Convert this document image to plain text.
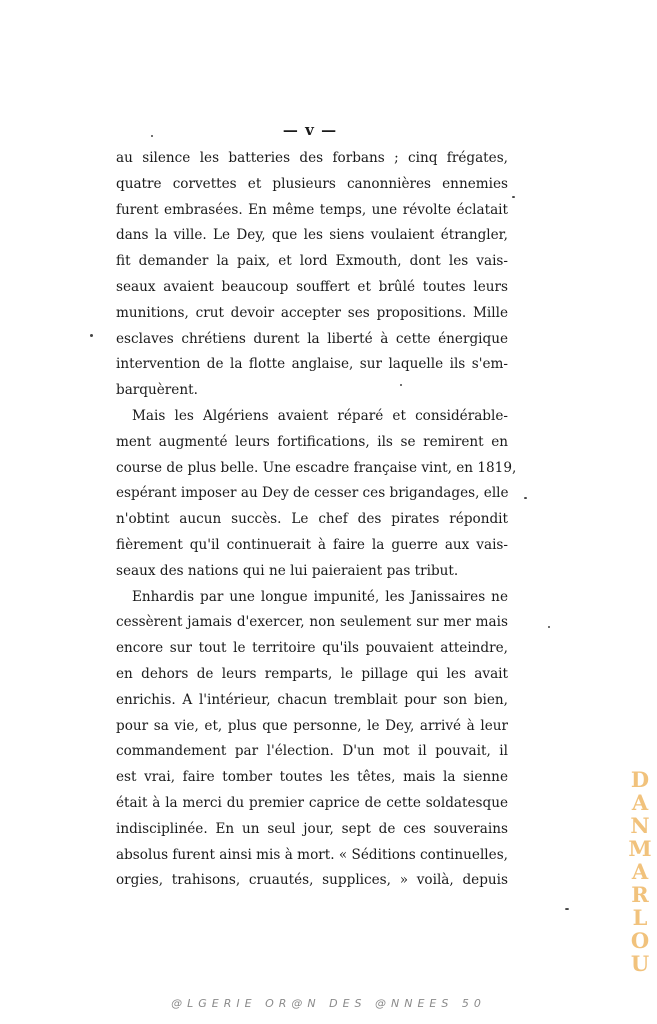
— v —
au silence les batteries des forbans ; cinq frégates,
quatre corvettes et plusieurs canonnières ennemies
furent embrasées. En même temps, une révolte éclatait
dans la ville. Le Dey, que les siens voulaient étrangler,
fit demander la paix, et lord Exmouth, dont les vais-
seaux avaient beaucoup souffert et brûlé toutes leurs
munitions, crut devoir accepter ses propositions. Mille
esclaves chrétiens durent la liberté à cette énergique
intervention de la flotte anglaise, sur laquelle ils s'em-
barquèrent.
Mais les Algériens avaient réparé et considérable-
ment augmenté leurs fortifications, ils se remirent en
course de plus belle. Une escadre française vint, en 1819,
espérant imposer au Dey de cesser ces brigandages, elle
n'obtint aucun succès. Le chef des pirates répondit
fièrement qu'il continuerait à faire la guerre aux vais-
seaux des nations qui ne lui paieraient pas tribut.
Enhardis par une longue impunité, les Janissaires ne
cessèrent jamais d'exercer, non seulement sur mer mais
encore sur tout le territoire qu'ils pouvaient atteindre,
en dehors de leurs remparts, le pillage qui les avait
enrichis. A l'intérieur, chacun tremblait pour son bien,
pour sa vie, et, plus que personne, le Dey, arrivé à leur
commandement par l'élection. D'un mot il pouvait, il
est vrai, faire tomber toutes les têtes, mais la sienne
était à la merci du premier caprice de cette soldatesque
indisciplinée. En un seul jour, sept de ces souverains
absolus furent ainsi mis à mort. « Séditions continuelles,
orgies, trahisons, cruautés, supplices, » voilà, depuis
D
A
N
M
A
R
L
O
U
@LGERIE OR@N DES @NNEES 50
